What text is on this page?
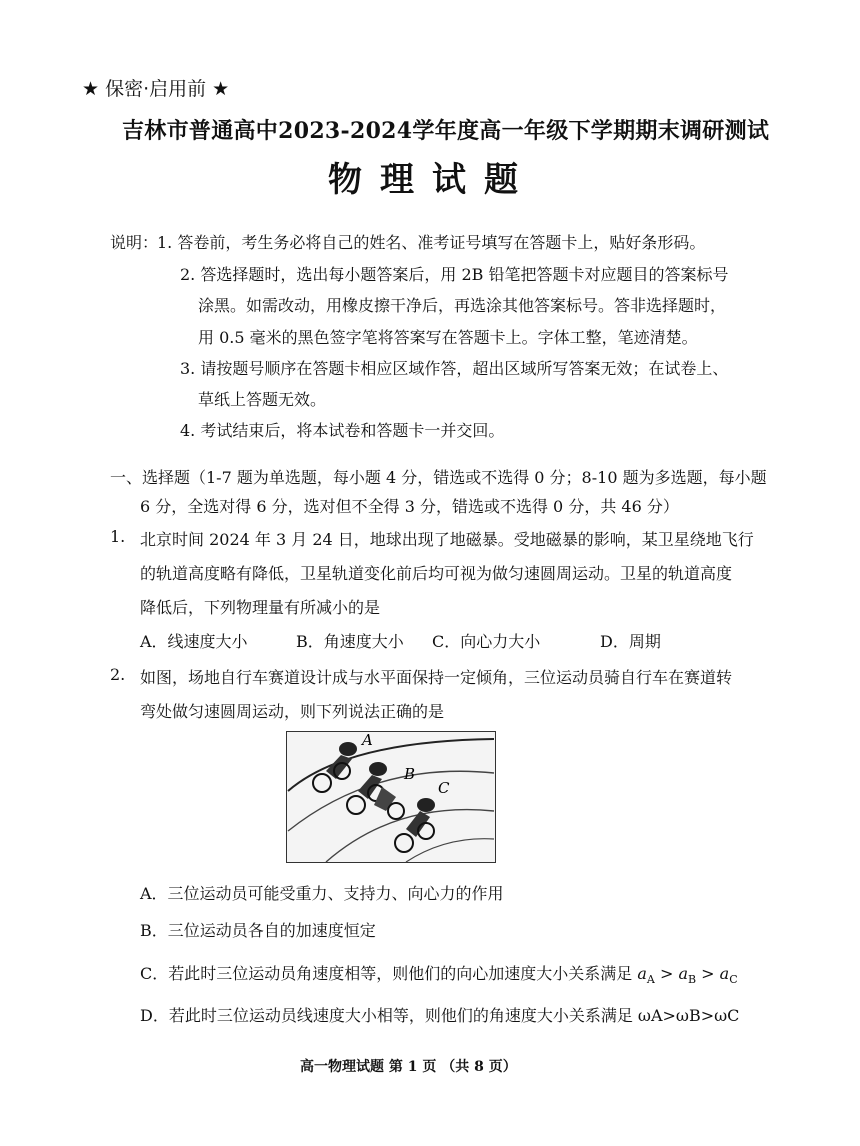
★ 保密·启用前 ★
吉林市普通高中2023-2024学年度高一年级下学期期末调研测试
物理试题
说明：
1. 答卷前，考生务必将自己的姓名、准考证号填写在答题卡上，贴好条形码。
2. 答选择题时，选出每小题答案后，用 2B 铅笔把答题卡对应题目的答案标号
涂黑。如需改动，用橡皮擦干净后，再选涂其他答案标号。答非选择题时，
用 0.5 毫米的黑色签字笔将答案写在答题卡上。字体工整，笔迹清楚。
3. 请按题号顺序在答题卡相应区域作答，超出区域所写答案无效；在试卷上、
草纸上答题无效。
4. 考试结束后，将本试卷和答题卡一并交回。
一、选择题（1-7 题为单选题，每小题 4 分，错选或不选得 0 分；8-10 题为多选题，每小题
6 分，全选对得 6 分，选对但不全得 3 分，错选或不选得 0 分，共 46 分）
1. 北京时间 2024 年 3 月 24 日，地球出现了地磁暴。受地磁暴的影响，某卫星绕地飞行
的轨道高度略有降低，卫星轨道变化前后均可视为做匀速圆周运动。卫星的轨道高度
降低后，下列物理量有所减小的是
A．线速度大小	B．角速度大小 C．向心力大小	D．周期
2. 如图，场地自行车赛道设计成与水平面保持一定倾角，三位运动员骑自行车在赛道转
弯处做匀速圆周运动，则下列说法正确的是
A
B
C
A．三位运动员可能受重力、支持力、向心力的作用
B．三位运动员各自的加速度恒定
C．若此时三位运动员角速度相等，则他们的向心加速度大小关系满足 $a_A > a_B > a_C$
D．若此时三位运动员线速度大小相等，则他们的角速度大小关系满足 ωA>ωB>ωC
高一物理试题 第 1 页 （共 8 页）
